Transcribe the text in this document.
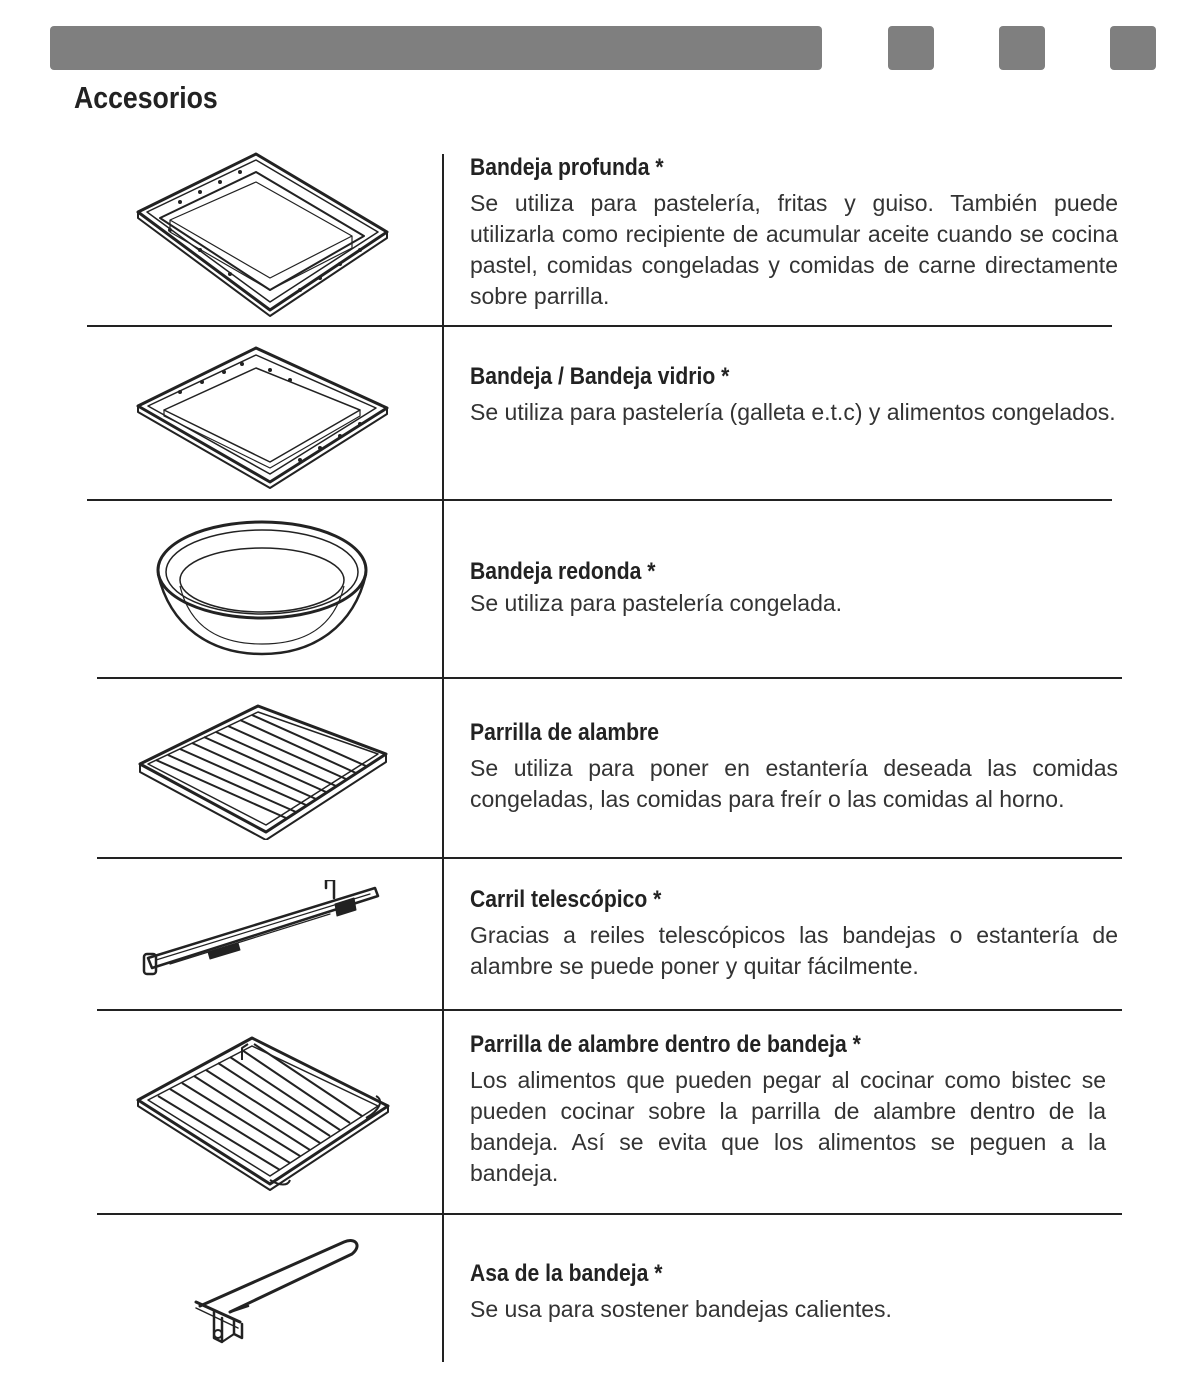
Accesorios

Bandeja profunda *

Se utiliza para pastelería, fritas y guiso. También puede utilizarla como recipiente de acumular aceite cuando se cocina pastel, comidas congeladas y comidas de carne directamente sobre parrilla.

Bandeja / Bandeja vidrio *

Se utiliza para pastelería (galleta e.t.c) y alimentos congelados.

Bandeja redonda *

Se utiliza para pastelería congelada.

Parrilla de alambre

Se utiliza para poner en estantería deseada las comidas congeladas, las comidas para freír o las comidas al horno.

Carril telescópico *

Gracias a reiles telescópicos las bandejas o estantería de alambre se puede poner y quitar fácilmente.

Parrilla de alambre dentro de bandeja *

Los alimentos que pueden pegar al cocinar como bistec se pueden cocinar sobre la parrilla de alambre dentro de la bandeja. Así se evita que los alimentos se peguen a la bandeja.

Asa de la bandeja *

Se usa para sostener bandejas calientes.
